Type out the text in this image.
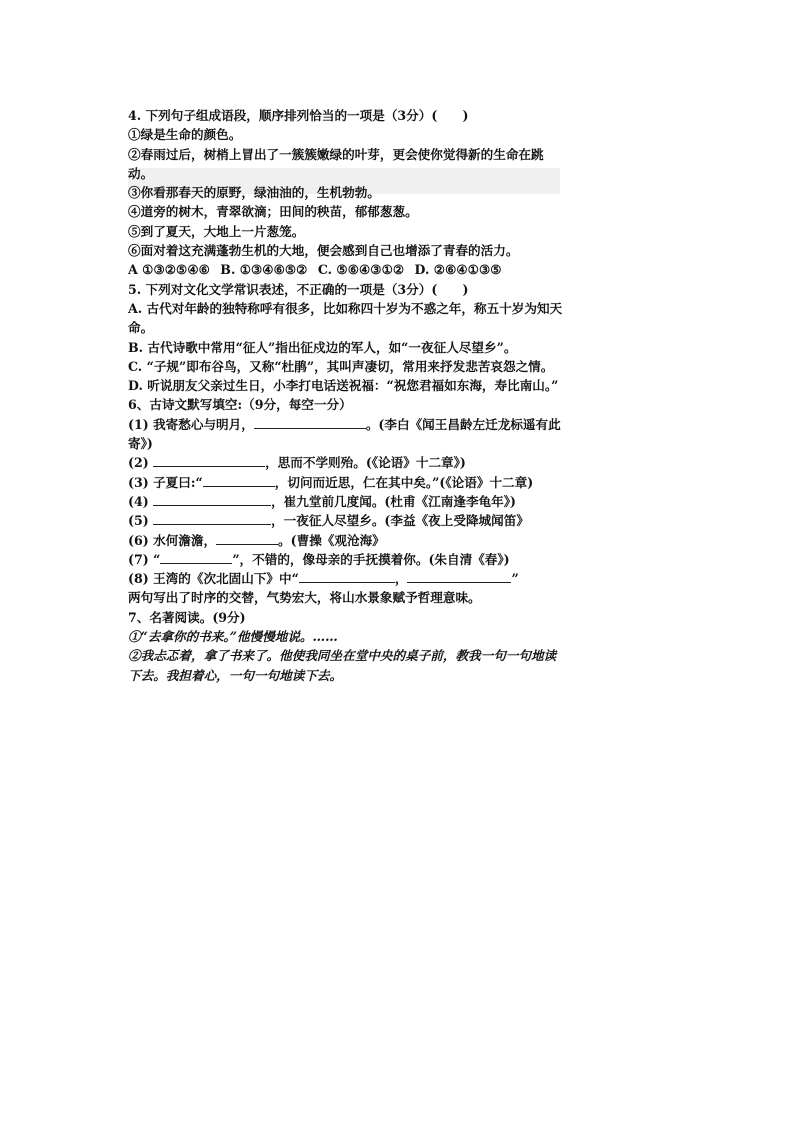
4. 下列句子组成语段，顺序排列恰当的一项是（3分）(　　)
①绿是生命的颜色。
②春雨过后，树梢上冒出了一簇簇嫩绿的叶芽，更会使你觉得新的生命在跳动。
③你看那春天的原野，绿油油的，生机勃勃。
④道旁的树木，青翠欲滴；田间的秧苗，郁郁葱葱。
⑤到了夏天，大地上一片葱笼。
⑥面对着这充满蓬勃生机的大地，便会感到自己也增添了青春的活力。
A ①③②⑤④⑥ B. ①③④⑥⑤② C. ⑤⑥④③①② D. ②⑥④①③⑤
5. 下列对文化文学常识表述，不正确的一项是（3分）(　　)
A. 古代对年龄的独特称呼有很多，比如称四十岁为不惑之年，称五十岁为知天命。
B. 古代诗歌中常用“征人”指出征戍边的军人，如“一夜征人尽望乡”。
C. “子规”即布谷鸟，又称“杜鹃”，其叫声凄切，常用来抒发悲苦哀怨之情。
D. 听说朋友父亲过生日，小李打电话送祝福：“祝您君福如东海，寿比南山。”
6、古诗文默写填空:（9分，每空一分）
(1) 我寄愁心与明月，	。(李白《闻王昌龄左迁龙标遥有此寄》)
(2)	，思而不学则殆。(《论语》十二章》)
(3) 子夏曰:“	，切问而近思，仁在其中矣。”(《论语》十二章)
(4)	，崔九堂前几度闻。(杜甫《江南逢李龟年》)
(5)	，一夜征人尽望乡。(李益《夜上受降城闻笛》
(6) 水何澹澹，	。(曹操《观沧海》
(7) “	”，不错的，像母亲的手抚摸着你。(朱自清《春》)
(8) 王湾的《次北固山下》中“	，	”
两句写出了时序的交替，气势宏大，将山水景象赋予哲理意味。
7、名著阅读。(9分)
①“去拿你的书来。”他慢慢地说。……
②我忐忑着，拿了书来了。他使我同坐在堂中央的桌子前，教我一句一句地读下去。我担着心，一句一句地读下去。
